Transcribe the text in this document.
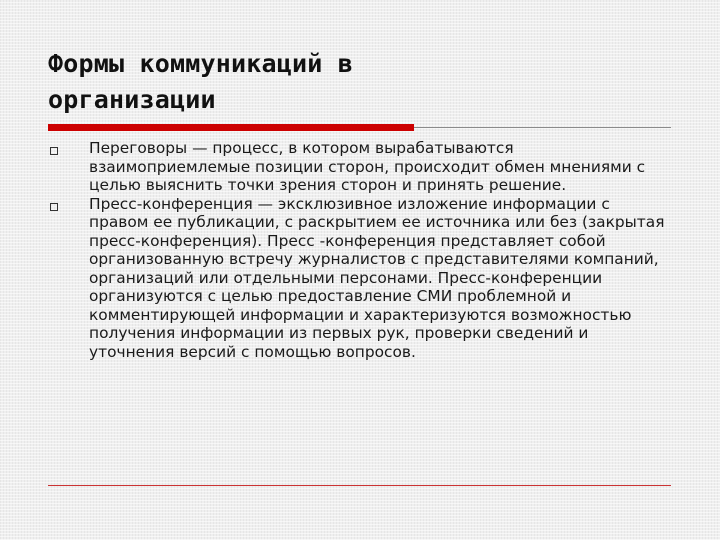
Формы коммуникаций в
организации
Переговоры — процесс, в котором вырабатываются взаимоприемлемые позиции сторон, происходит обмен мнениями с целью выяснить точки зрения сторон и принять решение.
Пресс-конференция — эксклюзивное изложение информации с правом ее публикации, с раскрытием ее источника или без (закрытая пресс-конференция). Пресс -конференция представляет собой организованную встречу журналистов с представителями компаний, организаций или отдельными персонами. Пресс-конференции организуются с целью предоставление СМИ проблемной и комментирующей информации и характеризуются возможностью получения информации из первых рук, проверки сведений и уточнения версий с помощью вопросов.
